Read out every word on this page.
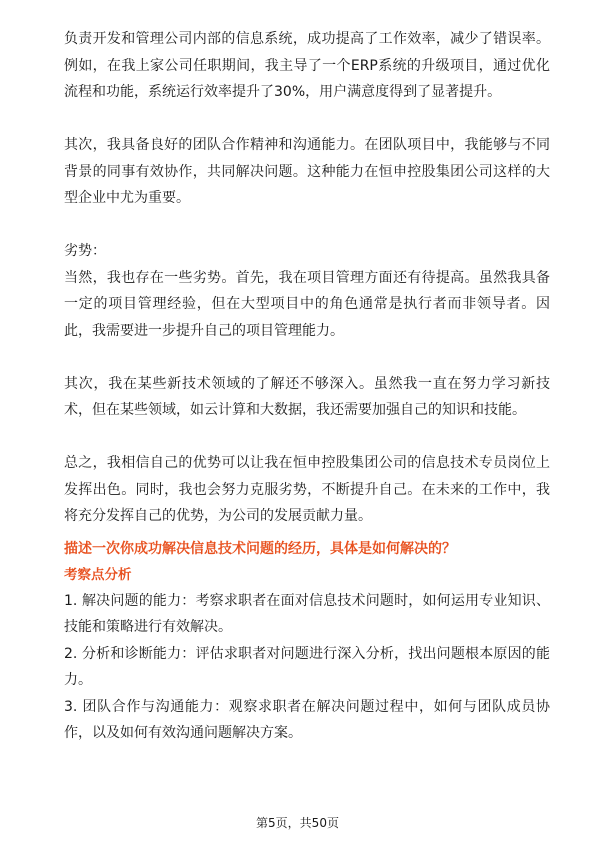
负责开发和管理公司内部的信息系统，成功提高了工作效率，减少了错误率。例如，在我上家公司任职期间，我主导了一个ERP系统的升级项目，通过优化流程和功能，系统运行效率提升了30%，用户满意度得到了显著提升。

其次，我具备良好的团队合作精神和沟通能力。在团队项目中，我能够与不同背景的同事有效协作，共同解决问题。这种能力在恒申控股集团公司这样的大型企业中尤为重要。

劣势：

当然，我也存在一些劣势。首先，我在项目管理方面还有待提高。虽然我具备一定的项目管理经验，但在大型项目中的角色通常是执行者而非领导者。因此，我需要进一步提升自己的项目管理能力。

其次，我在某些新技术领域的了解还不够深入。虽然我一直在努力学习新技术，但在某些领域，如云计算和大数据，我还需要加强自己的知识和技能。

总之，我相信自己的优势可以让我在恒申控股集团公司的信息技术专员岗位上发挥出色。同时，我也会努力克服劣势，不断提升自己。在未来的工作中，我将充分发挥自己的优势，为公司的发展贡献力量。

描述一次你成功解决信息技术问题的经历，具体是如何解决的？

考察点分析

1. 解决问题的能力：考察求职者在面对信息技术问题时，如何运用专业知识、技能和策略进行有效解决。

2. 分析和诊断能力：评估求职者对问题进行深入分析，找出问题根本原因的能力。

3. 团队合作与沟通能力：观察求职者在解决问题过程中，如何与团队成员协作，以及如何有效沟通问题解决方案。

第5页，共50页
